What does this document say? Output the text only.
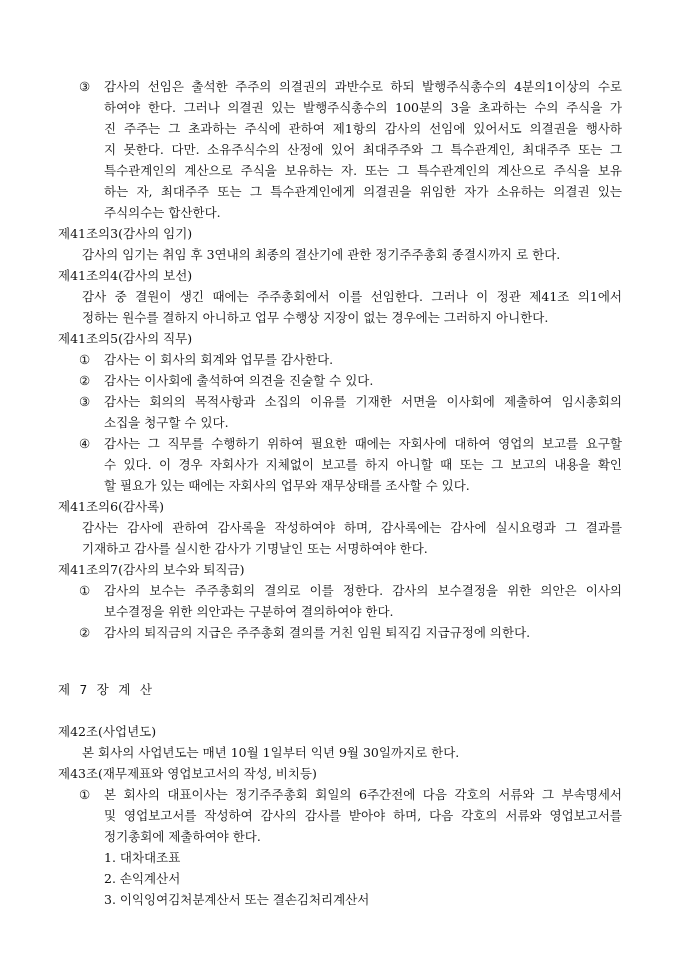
③ 감사의 선임은 출석한 주주의 의결권의 과반수로 하되 발행주식총수의 4분의1이상의 수로
하여야 한다. 그러나 의결권 있는 발행주식총수의 100분의 3을 초과하는 수의 주식을 가
진 주주는 그 초과하는 주식에 관하여 제1항의 감사의 선임에 있어서도 의결권을 행사하
지 못한다. 다만. 소유주식수의 산정에 있어 최대주주와 그 특수관계인, 최대주주 또는 그
특수관계인의 계산으로 주식을 보유하는 자. 또는 그 특수관계인의 계산으로 주식을 보유
하는 자, 최대주주 또는 그 특수관계인에게 의결권을 위임한 자가 소유하는 의결권 있는
주식의수는 합산한다.
제41조의3(감사의 임기)
감사의 임기는 취임 후 3연내의 최종의 결산기에 관한 정기주주총회 종결시까지 로 한다.
제41조의4(감사의 보선)
감사 중 결원이 생긴 때에는 주주총회에서 이를 선임한다. 그러나 이 정관 제41조 의1에서
정하는 원수를 결하지 아니하고 업무 수행상 지장이 없는 경우에는 그러하지 아니한다.
제41조의5(감사의 직무)
① 감사는 이 회사의 회계와 업무를 감사한다.
② 감사는 이사회에 출석하여 의견을 진술할 수 있다.
③ 감사는 회의의 목적사항과 소집의 이유를 기재한 서면을 이사회에 제출하여 임시총회의
소집을 청구할 수 있다.
④ 감사는 그 직무를 수행하기 위하여 필요한 때에는 자회사에 대하여 영업의 보고를 요구할
수 있다. 이 경우 자회사가 지체없이 보고를 하지 아니할 때 또는 그 보고의 내용을 확인
할 필요가 있는 때에는 자회사의 업무와 재무상태를 조사할 수 있다.
제41조의6(감사록)
감사는 감사에 관하여 감사록을 작성하여야 하며, 감사록에는 감사에 실시요령과 그 결과를
기재하고 감사를 실시한 감사가 기명날인 또는 서명하여야 한다.
제41조의7(감사의 보수와 퇴직금)
① 감사의 보수는 주주총회의 결의로 이를 정한다. 감사의 보수결정을 위한 의안은 이사의
보수결정을 위한 의안과는 구분하여 결의하여야 한다.
② 감사의 퇴직금의 지급은 주주총회 결의를 거친 임원 퇴직김 지급규정에 의한다.
제 7 장 계 산
제42조(사업년도)
본 회사의 사업년도는 매년 10월 1일부터 익년 9월 30일까지로 한다.
제43조(재무제표와 영업보고서의 작성, 비치등)
① 본 회사의 대표이사는 정기주주총회 회일의 6주간전에 다음 각호의 서류와 그 부속명세서
및 영업보고서를 작성하여 감사의 감사를 받아야 하며, 다음 각호의 서류와 영업보고서를
정기총회에 제출하여야 한다.
1. 대차대조표
2. 손익계산서
3. 이익잉여김처분계산서 또는 결손김처리계산서
